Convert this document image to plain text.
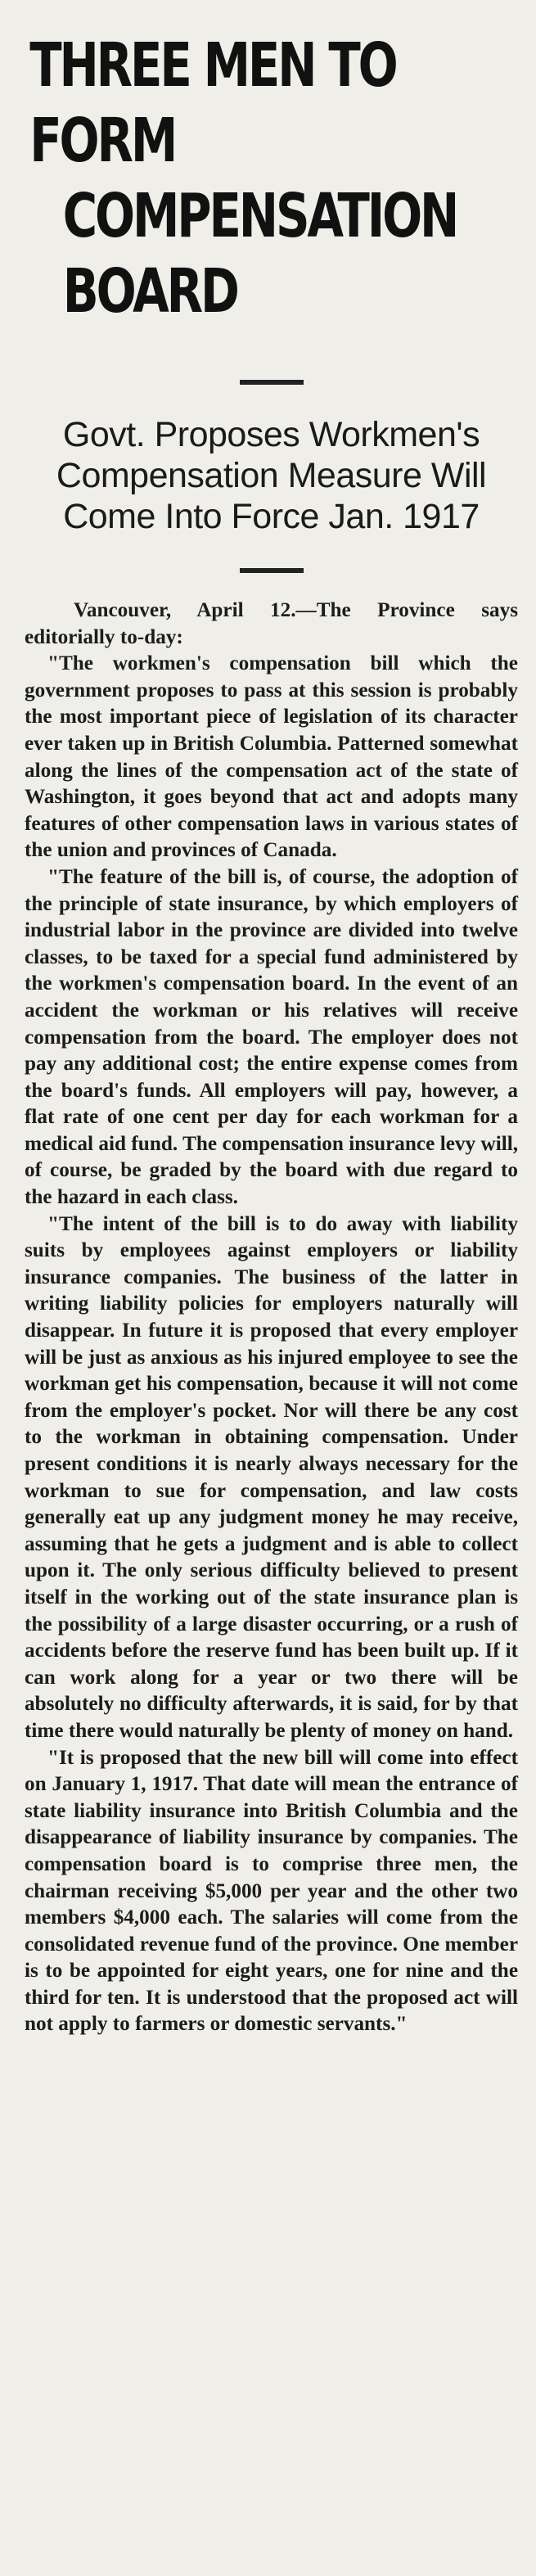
THREE MEN TO FORM
COMPENSATION BOARD

Govt. Proposes Workmen's Compensation Measure Will Come Into Force Jan. 1917

Vancouver, April 12.—The Province says editorially to-day:

"The workmen's compensation bill which the government proposes to pass at this session is probably the most important piece of legislation of its character ever taken up in British Columbia. Patterned somewhat along the lines of the compensation act of the state of Washington, it goes beyond that act and adopts many features of other compensation laws in various states of the union and provinces of Canada.

"The feature of the bill is, of course, the adoption of the principle of state insurance, by which employers of industrial labor in the province are divided into twelve classes, to be taxed for a special fund administered by the workmen's compensation board. In the event of an accident the workman or his relatives will receive compensation from the board. The employer does not pay any additional cost; the entire expense comes from the board's funds. All employers will pay, however, a flat rate of one cent per day for each workman for a medical aid fund. The compensation insurance levy will, of course, be graded by the board with due regard to the hazard in each class.

"The intent of the bill is to do away with liability suits by employees against employers or liability insurance companies. The business of the latter in writing liability policies for employers naturally will disappear. In future it is proposed that every employer will be just as anxious as his injured employee to see the workman get his compensation, because it will not come from the employer's pocket. Nor will there be any cost to the workman in obtaining compensation. Under present conditions it is nearly always necessary for the workman to sue for compensation, and law costs generally eat up any judgment money he may receive, assuming that he gets a judgment and is able to collect upon it. The only serious difficulty believed to present itself in the working out of the state insurance plan is the possibility of a large disaster occurring, or a rush of accidents before the reserve fund has been built up. If it can work along for a year or two there will be absolutely no difficulty afterwards, it is said, for by that time there would naturally be plenty of money on hand.

"It is proposed that the new bill will come into effect on January 1, 1917. That date will mean the entrance of state liability insurance into British Columbia and the disappearance of liability insurance by companies. The compensation board is to comprise three men, the chairman receiving $5,000 per year and the other two members $4,000 each. The salaries will come from the consolidated revenue fund of the province. One member is to be appointed for eight years, one for nine and the third for ten. It is understood that the proposed act will not apply to farmers or domestic servants."
